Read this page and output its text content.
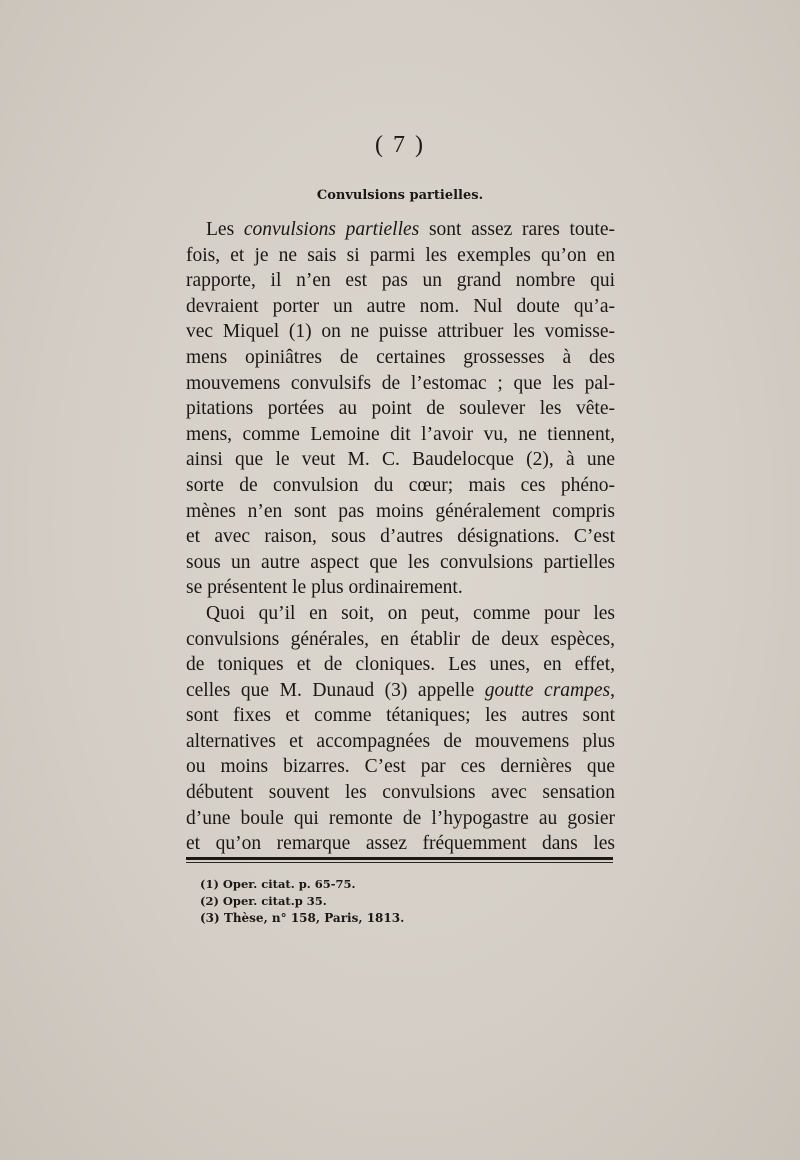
( 7 )
Convulsions partielles.
Les convulsions partielles sont assez rares toute-
fois, et je ne sais si parmi les exemples qu’on en
rapporte, il n’en est pas un grand nombre qui
devraient porter un autre nom. Nul doute qu’a-
vec Miquel (1) on ne puisse attribuer les vomisse-
mens opiniâtres de certaines grossesses à des
mouvemens convulsifs de l’estomac ; que les pal-
pitations portées au point de soulever les vête-
mens, comme Lemoine dit l’avoir vu, ne tiennent,
ainsi que le veut M. C. Baudelocque (2), à une
sorte de convulsion du cœur; mais ces phéno-
mènes n’en sont pas moins généralement compris
et avec raison, sous d’autres désignations. C’est
sous un autre aspect que les convulsions partielles
se présentent le plus ordinairement.
Quoi qu’il en soit, on peut, comme pour les
convulsions générales, en établir de deux espèces,
de toniques et de cloniques. Les unes, en effet,
celles que M. Dunaud (3) appelle goutte crampes,
sont fixes et comme tétaniques; les autres sont
alternatives et accompagnées de mouvemens plus
ou moins bizarres. C’est par ces dernières que
débutent souvent les convulsions avec sensation
d’une boule qui remonte de l’hypogastre au gosier
et qu’on remarque assez fréquemment dans les
(1) Oper. citat. p. 65-75.
(2) Oper. citat.p 35.
(3) Thèse, n° 158, Paris, 1813.
